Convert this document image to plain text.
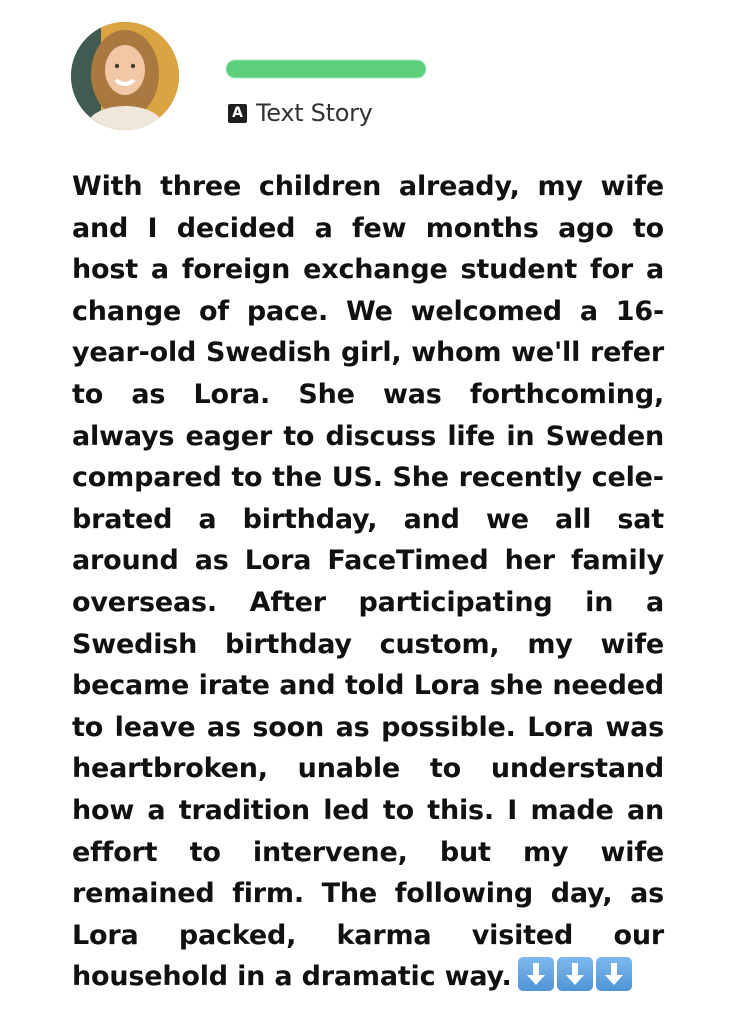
A Text Story

With three children already, my wife and I decided a few months ago to host a foreign exchange student for a change of pace. We welcomed a 16-year-old Swedish girl, whom we'll refer to as Lora. She was forthcoming, always eager to discuss life in Sweden compared to the US. She recently celebrated a birthday, and we all sat around as Lora FaceTimed her family overseas. After participating in a Swedish birthday custom, my wife became irate and told Lora she needed to leave as soon as possible. Lora was heartbroken, unable to understand how a tradition led to this. I made an effort to intervene, but my wife remained firm. The following day, as Lora packed, karma visited our household in a dramatic way.
